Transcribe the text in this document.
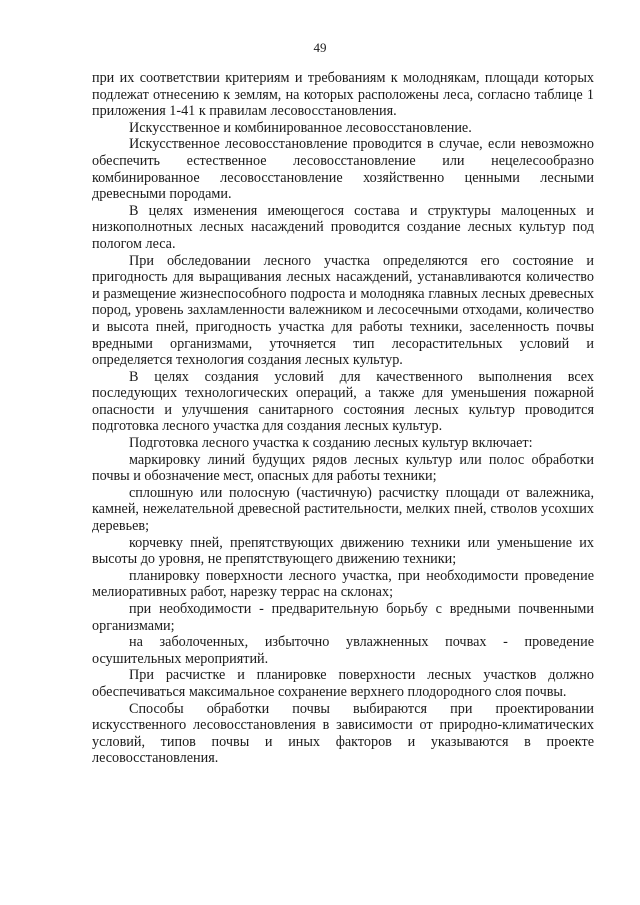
49

при их соответствии критериям и требованиям к молоднякам, площади которых подлежат отнесению к землям, на которых расположены леса, согласно таблице 1 приложения 1-41 к правилам лесовосстановления.

Искусственное и комбинированное лесовосстановление.

Искусственное лесовосстановление проводится в случае, если невозможно обеспечить естественное лесовосстановление или нецелесообразно комбинированное лесовосстановление хозяйственно ценными лесными древесными породами.

В целях изменения имеющегося состава и структуры малоценных и низкополнотных лесных насаждений проводится создание лесных культур под пологом леса.

При обследовании лесного участка определяются его состояние и пригодность для выращивания лесных насаждений, устанавливаются количество и размещение жизнеспособного подроста и молодняка главных лесных древесных пород, уровень захламленности валежником и лесосечными отходами, количество и высота пней, пригодность участка для работы техники, заселенность почвы вредными организмами, уточняется тип лесорастительных условий и определяется технология создания лесных культур.

В целях создания условий для качественного выполнения всех последующих технологических операций, а также для уменьшения пожарной опасности и улучшения санитарного состояния лесных культур проводится подготовка лесного участка для создания лесных культур.

Подготовка лесного участка к созданию лесных культур включает:

маркировку линий будущих рядов лесных культур или полос обработки почвы и обозначение мест, опасных для работы техники;

сплошную или полосную (частичную) расчистку площади от валежника, камней, нежелательной древесной растительности, мелких пней, стволов усохших деревьев;

корчевку пней, препятствующих движению техники или уменьшение их высоты до уровня, не препятствующего движению техники;

планировку поверхности лесного участка, при необходимости проведение мелиоративных работ, нарезку террас на склонах;

при необходимости - предварительную борьбу с вредными почвенными организмами;

на заболоченных, избыточно увлажненных почвах - проведение осушительных мероприятий.

При расчистке и планировке поверхности лесных участков должно обеспечиваться максимальное сохранение верхнего плодородного слоя почвы.

Способы обработки почвы выбираются при проектировании искусственного лесовосстановления в зависимости от природно-климатических условий, типов почвы и иных факторов и указываются в проекте лесовосстановления.
